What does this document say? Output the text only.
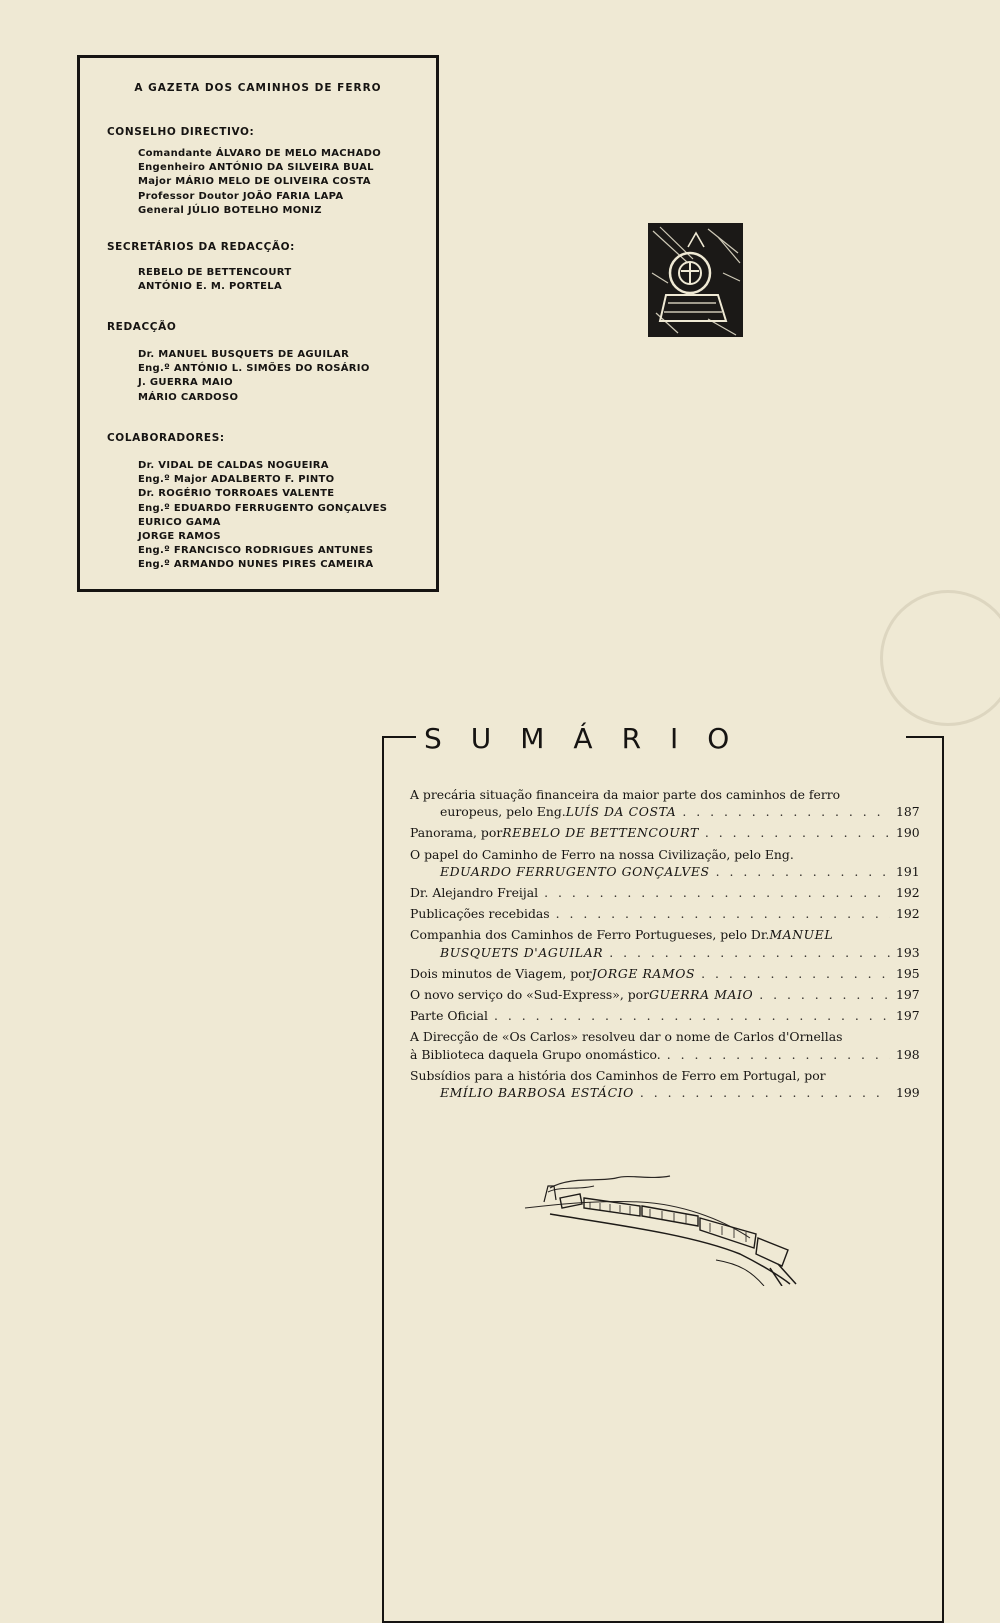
A GAZETA DOS CAMINHOS DE FERRO
CONSELHO DIRECTIVO:
Comandante ÁLVARO DE MELO MACHADO
Engenheiro ANTÓNIO DA SILVEIRA BUAL
Major MÁRIO MELO DE OLIVEIRA COSTA
Professor Doutor JOÃO FARIA LAPA
General JÚLIO BOTELHO MONIZ
SECRETÁRIOS DA REDACÇÃO:
REBELO DE BETTENCOURT
ANTÓNIO E. M. PORTELA
REDACÇÃO
Dr. MANUEL BUSQUETS DE AGUILAR
Eng.º ANTÓNIO L. SIMÕES DO ROSÁRIO
J. GUERRA MAIO
MÁRIO CARDOSO
COLABORADORES:
Dr. VIDAL DE CALDAS NOGUEIRA
Eng.º Major ADALBERTO F. PINTO
Dr. ROGÉRIO TORROAES VALENTE
Eng.º EDUARDO FERRUGENTO GONÇALVES
EURICO GAMA
JORGE RAMOS
Eng.º FRANCISCO RODRIGUES ANTUNES
Eng.º ARMANDO NUNES PIRES CAMEIRA
SUMÁRIO
A precária situação financeira da maior parte dos caminhos de ferro
europeus, pelo Eng. LUÍS DA COSTA . . .	187
Panorama, por REBELO DE BETTENCOURT . . .	190
O papel do Caminho de Ferro na nossa Civilização, pelo Eng.
EDUARDO FERRUGENTO GONÇALVES . . .	191
Dr. Alejandro Freijal . . .	192
Publicações recebidas . . .	192
Companhia dos Caminhos de Ferro Portugueses, pelo Dr. MANUEL
BUSQUETS D'AGUILAR . . .	193
Dois minutos de Viagem, por JORGE RAMOS . . .	195
O novo serviço do «Sud-Express», por GUERRA MAIO . . .	197
Parte Oficial . . .	197
A Direcção de «Os Carlos» resolveu dar o nome de Carlos d'Ornellas
à Biblioteca daquela Grupo onomástico. . . .	198
Subsídios para a história dos Caminhos de Ferro em Portugal, por
EMÍLIO BARBOSA ESTÁCIO . . .	199
